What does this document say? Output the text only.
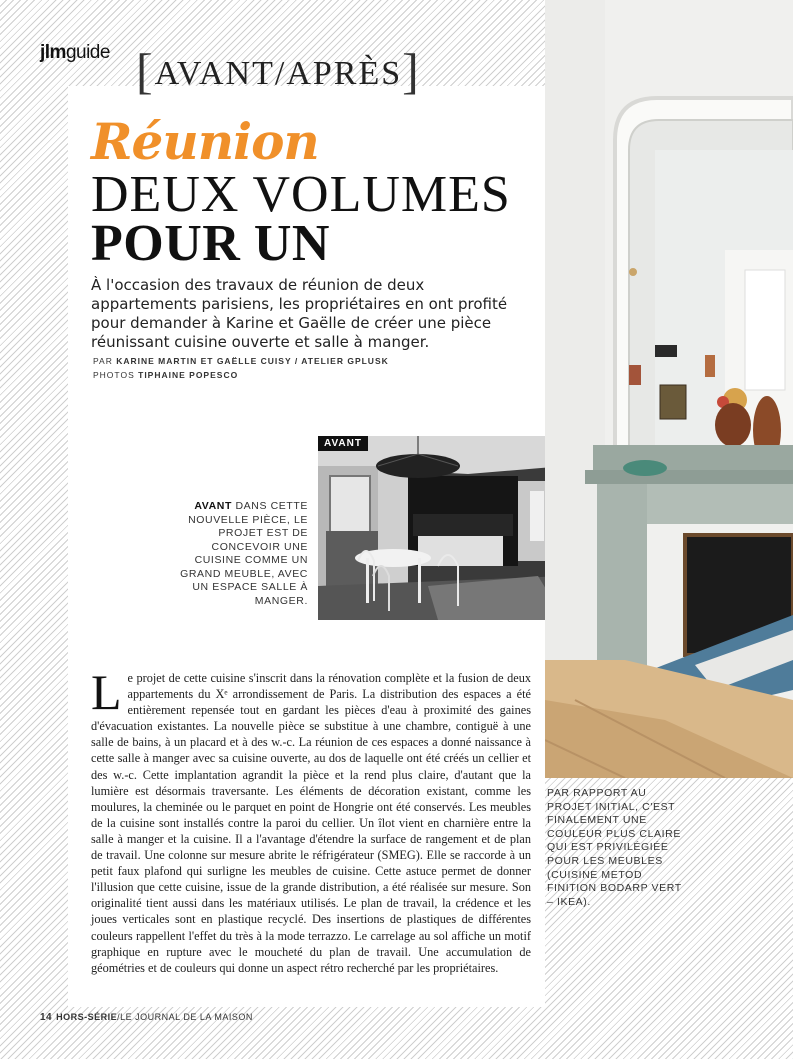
jlmguide [AVANT/APRÈS]
Réunion
DEUX VOLUMES
POUR UN
À l'occasion des travaux de réunion de deux appartements parisiens, les propriétaires en ont profité pour demander à Karine et Gaëlle de créer une pièce réunissant cuisine ouverte et salle à manger.
PAR KARINE MARTIN ET GAËLLE CUISY / ATELIER GPLUSK
PHOTOS TIPHAINE POPESCO
AVANT
AVANT DANS CETTE NOUVELLE PIÈCE, LE PROJET EST DE CONCEVOIR UNE CUISINE COMME UN GRAND MEUBLE, AVEC UN ESPACE SALLE À MANGER.
Le projet de cette cuisine s'inscrit dans la rénovation complète et la fusion de deux appartements du Xᵉ arrondissement de Paris. La distribution des espaces a été entièrement repensée tout en gardant les pièces d'eau à proximité des gaines d'évacuation existantes. La nouvelle pièce se substitue à une chambre, contiguë à une salle de bains, à un placard et à des w.-c. La réunion de ces espaces a donné naissance à cette salle à manger avec sa cuisine ouverte, au dos de laquelle ont été créés un cellier et des w.-c. Cette implantation agrandit la pièce et la rend plus claire, d'autant que la lumière est désormais traversante. Les éléments de décoration existant, comme les moulures, la cheminée ou le parquet en point de Hongrie ont été conservés. Les meubles de la cuisine sont installés contre la paroi du cellier. Un îlot vient en charnière entre la salle à manger et la cuisine. Il a l'avantage d'étendre la surface de rangement et de plan de travail. Une colonne sur mesure abrite le réfrigérateur (SMEG). Elle se raccorde à un petit faux plafond qui surligne les meubles de cuisine. Cette astuce permet de donner l'illusion que cette cuisine, issue de la grande distribution, a été réalisée sur mesure. Son originalité tient aussi dans les matériaux utilisés. Le plan de travail, la crédence et les joues verticales sont en plastique recyclé. Des insertions de plastiques de différentes couleurs rappellent l'effet du très à la mode terrazzo. Le carrelage au sol affiche un motif graphique en rupture avec le moucheté du plan de travail. Une accumulation de géométries et de couleurs qui donne un aspect rétro recherché par les propriétaires.
PAR RAPPORT AU PROJET INITIAL, C'EST FINALEMENT UNE COULEUR PLUS CLAIRE QUI EST PRIVILÉGIÉE POUR LES MEUBLES (CUISINE METOD FINITION BODARP VERT – IKEA).
14 HORS-SÉRIE/LE JOURNAL DE LA MAISON
